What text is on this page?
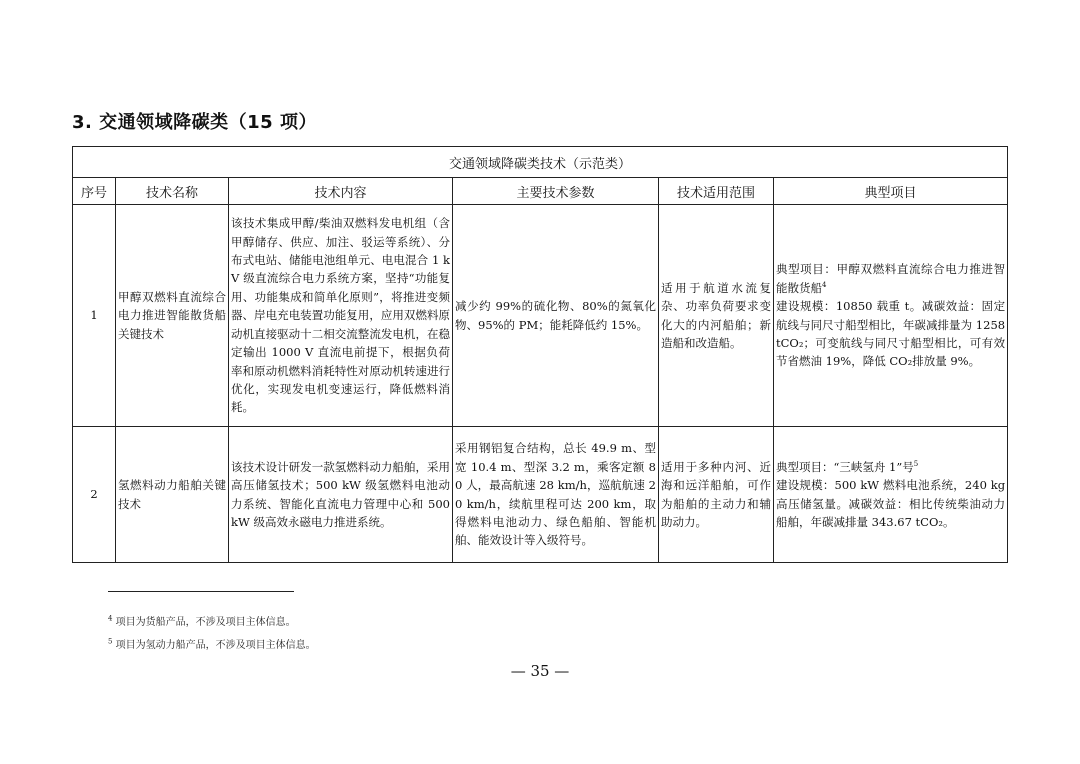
3. 交通领域降碳类（15 项）
交通领域降碳类技术（示范类）					
序号	技术名称	技术内容	主要技术参数	技术适用范围	典型项目
1	甲醇双燃料直流综合电力推进智能散货船关键技术	该技术集成甲醇/柴油双燃料发电机组（含甲醇储存、供应、加注、驳运等系统）、分布式电站、储能电池组单元、电电混合 1 kV 级直流综合电力系统方案，坚持“功能复用、功能集成和简单化原则”，将推进变频器、岸电充电装置功能复用，应用双燃料原动机直接驱动十二相交流整流发电机，在稳定输出 1000 V 直流电前提下，根据负荷率和原动机燃料消耗特性对原动机转速进行优化，实现发电机变速运行，降低燃料消耗。	减少约 99%的硫化物、80%的氮氧化物、95%的 PM；能耗降低约 15%。	适用于航道水流复杂、功率负荷要求变化大的内河船舶；新造船和改造船。	典型项目：甲醇双燃料直流综合电力推进智能散货船$^4$
建设规模：10850 载重 t。减碳效益：固定航线与同尺寸船型相比，年碳减排量为 1258 tCO₂；可变航线与同尺寸船型相比，可有效节省燃油 19%，降低 CO₂排放量 9%。
2	氢燃料动力船舶关键技术	该技术设计研发一款氢燃料动力船舶，采用高压储氢技术；500 kW 级氢燃料电池动力系统、智能化直流电力管理中心和 500 kW 级高效永磁电力推进系统。	采用钢铝复合结构，总长 49.9 m、型宽 10.4 m、型深 3.2 m，乘客定额 80 人，最高航速 28 km/h，巡航航速 20 km/h，续航里程可达 200 km，取得燃料电池动力、绿色船舶、智能机舶、能效设计等入级符号。	适用于多种内河、近海和远洋船舶，可作为船舶的主动力和辅助动力。	典型项目：“三峡氢舟 1”号$^5$
建设规模：500 kW 燃料电池系统，240 kg 高压储氢量。减碳效益：相比传统柴油动力船舶，年碳减排量 343.67 tCO₂。
$^4$ 项目为货船产品，不涉及项目主体信息。
$^5$ 项目为氢动力船产品，不涉及项目主体信息。
— 35 —
